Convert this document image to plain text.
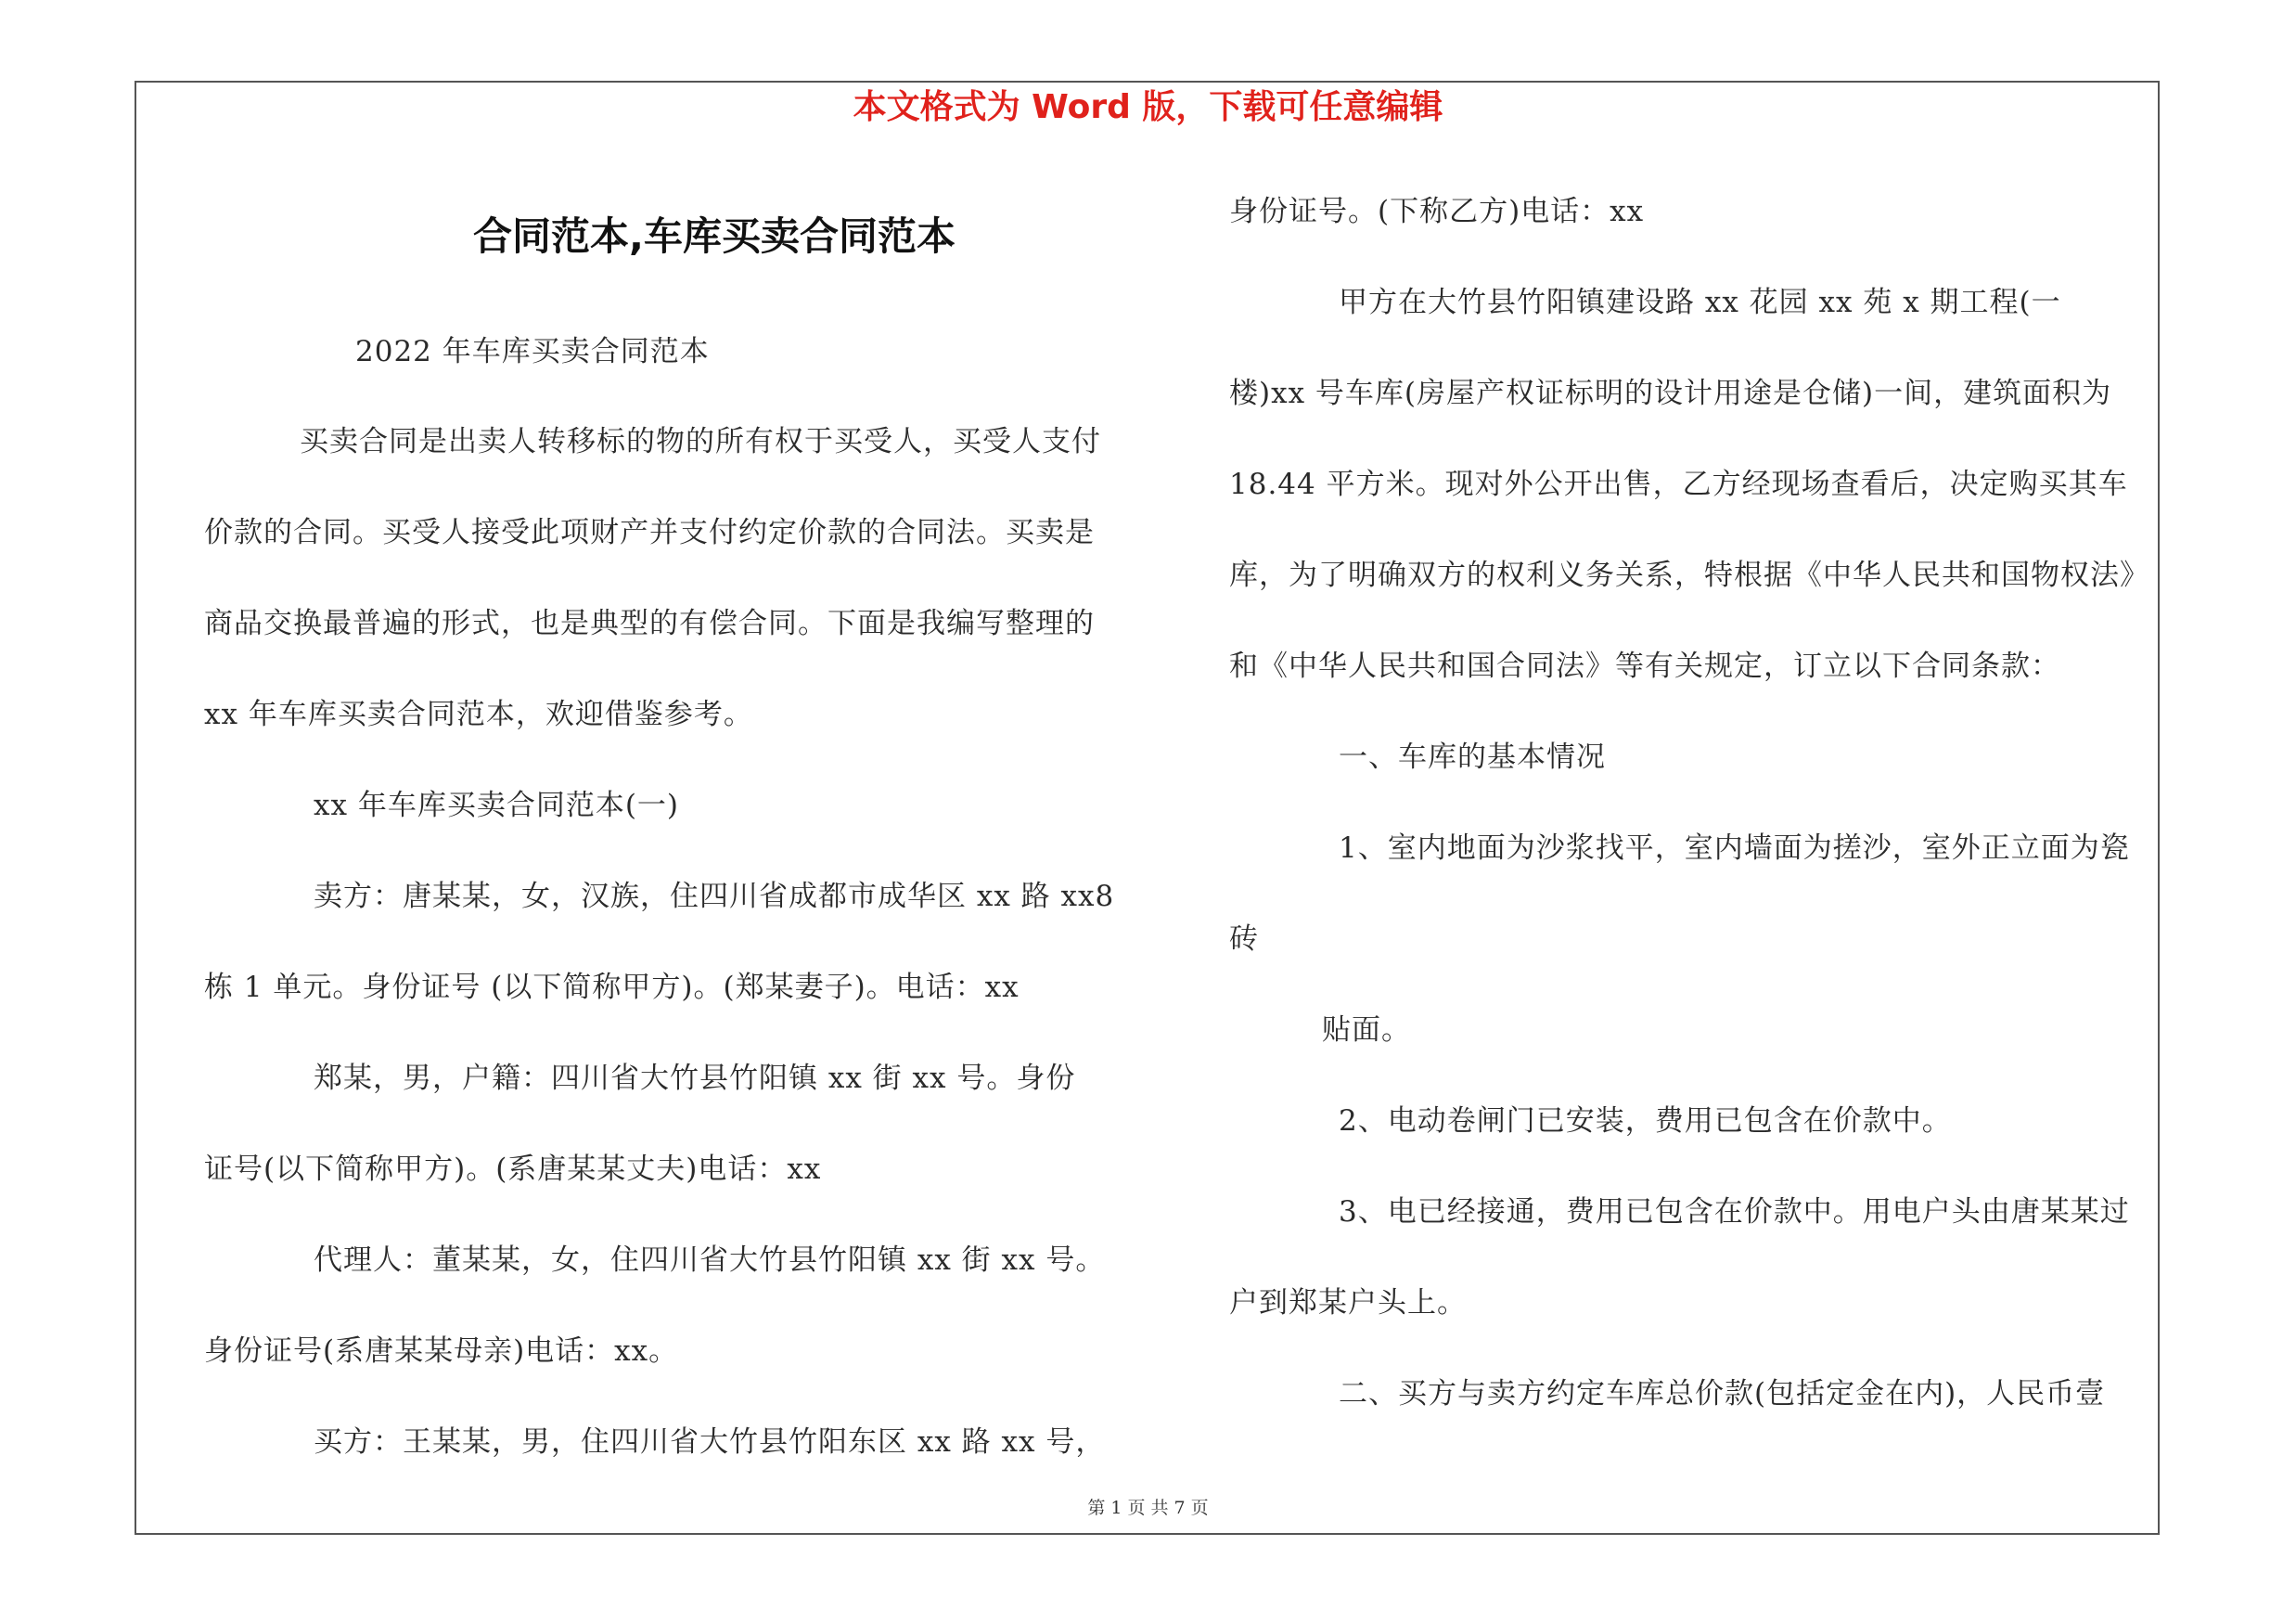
本文格式为 Word 版，下载可任意编辑
合同范本,车库买卖合同范本
2022 年车库买卖合同范本
买卖合同是出卖人转移标的物的所有权于买受人，买受人支付
价款的合同。买受人接受此项财产并支付约定价款的合同法。买卖是
商品交换最普遍的形式，也是典型的有偿合同。下面是我编写整理的
xx 年车库买卖合同范本，欢迎借鉴参考。
xx 年车库买卖合同范本(一)
卖方：唐某某，女，汉族，住四川省成都市成华区 xx 路 xx8
栋 1 单元。身份证号 (以下简称甲方)。(郑某妻子)。电话：xx
郑某，男，户籍：四川省大竹县竹阳镇 xx 街 xx 号。身份
证号(以下简称甲方)。(系唐某某丈夫)电话：xx
代理人：董某某，女，住四川省大竹县竹阳镇 xx 街 xx 号。
身份证号(系唐某某母亲)电话：xx。
买方：王某某，男，住四川省大竹县竹阳东区 xx 路 xx 号，
身份证号。(下称乙方)电话：xx
甲方在大竹县竹阳镇建设路 xx 花园 xx 苑 x 期工程(一
楼)xx 号车库(房屋产权证标明的设计用途是仓储)一间，建筑面积为
18.44 平方米。现对外公开出售，乙方经现场查看后，决定购买其车
库，为了明确双方的权利义务关系，特根据《中华人民共和国物权法》
和《中华人民共和国合同法》等有关规定，订立以下合同条款：
一、车库的基本情况
1、室内地面为沙浆找平，室内墙面为搓沙，室外正立面为瓷
砖
贴面。
2、电动卷闸门已安装，费用已包含在价款中。
3、电已经接通，费用已包含在价款中。用电户头由唐某某过
户到郑某户头上。
二、买方与卖方约定车库总价款(包括定金在内)，人民币壹
第 1 页 共 7 页
